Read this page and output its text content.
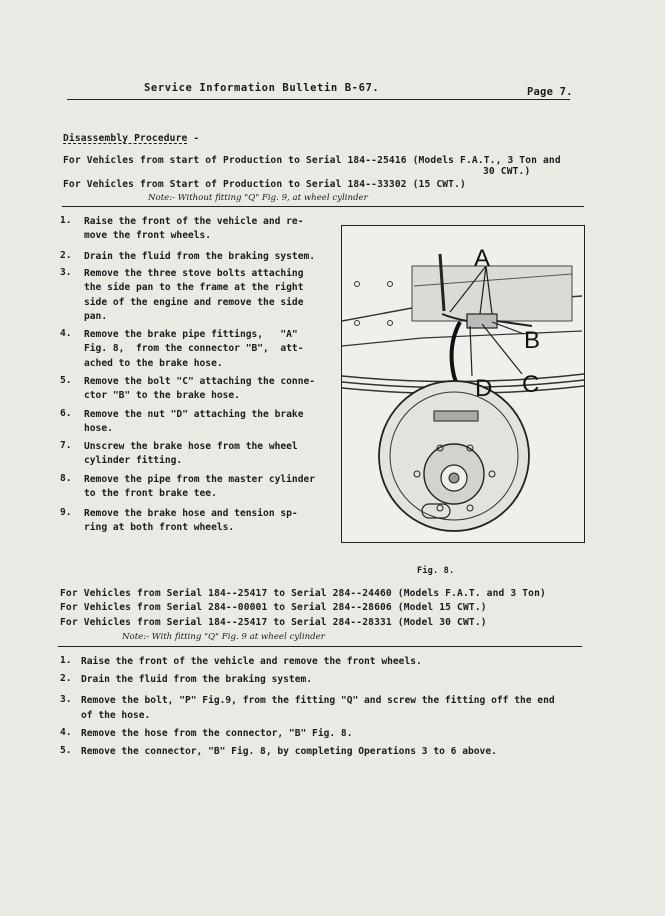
Service Information Bulletin B-67.	Page 7.
Disassembly Procedure -
For Vehicles from start of Production to Serial 184--25416 (Models F.A.T., 3 Ton and
30 CWT.)
For Vehicles from Start of Production to Serial 184--33302 (15 CWT.)
Note:- Without fitting "Q" Fig. 9, at wheel cylinder
1. Raise the front of the vehicle and re-
move the front wheels.
2. Drain the fluid from the braking system.
3. Remove the three stove bolts attaching
the side pan to the frame at the right
side of the engine and remove the side
pan.
4. Remove the brake pipe fittings,   "A"
Fig. 8,  from the connector "B",  att-
ached to the brake hose.
5. Remove the bolt "C" attaching the conne-
ctor "B" to the brake hose.
6. Remove the nut "D" attaching the brake
hose.
7. Unscrew the brake hose from the wheel
cylinder fitting.
8. Remove the pipe from the master cylinder
to the front brake tee.
9. Remove the brake hose and tension sp-
ring at both front wheels.
A
B
C
D
Fig. 8.
For Vehicles from Serial 184--25417 to Serial 284--24460 (Models F.A.T. and 3 Ton)
For Vehicles from Serial 284--00001 to Serial 284--28606 (Model 15 CWT.)
For Vehicles from Serial 184--25417 to Serial 284--28331 (Model 30 CWT.)
Note:- With fitting "Q" Fig. 9 at wheel cylinder
1. Raise the front of the vehicle and remove the front wheels.
2. Drain the fluid from the braking system.
3. Remove the bolt, "P" Fig.9, from the fitting "Q" and screw the fitting off the end
of the hose.
4. Remove the hose from the connector, "B" Fig. 8.
5. Remove the connector, "B" Fig. 8, by completing Operations 3 to 6 above.
